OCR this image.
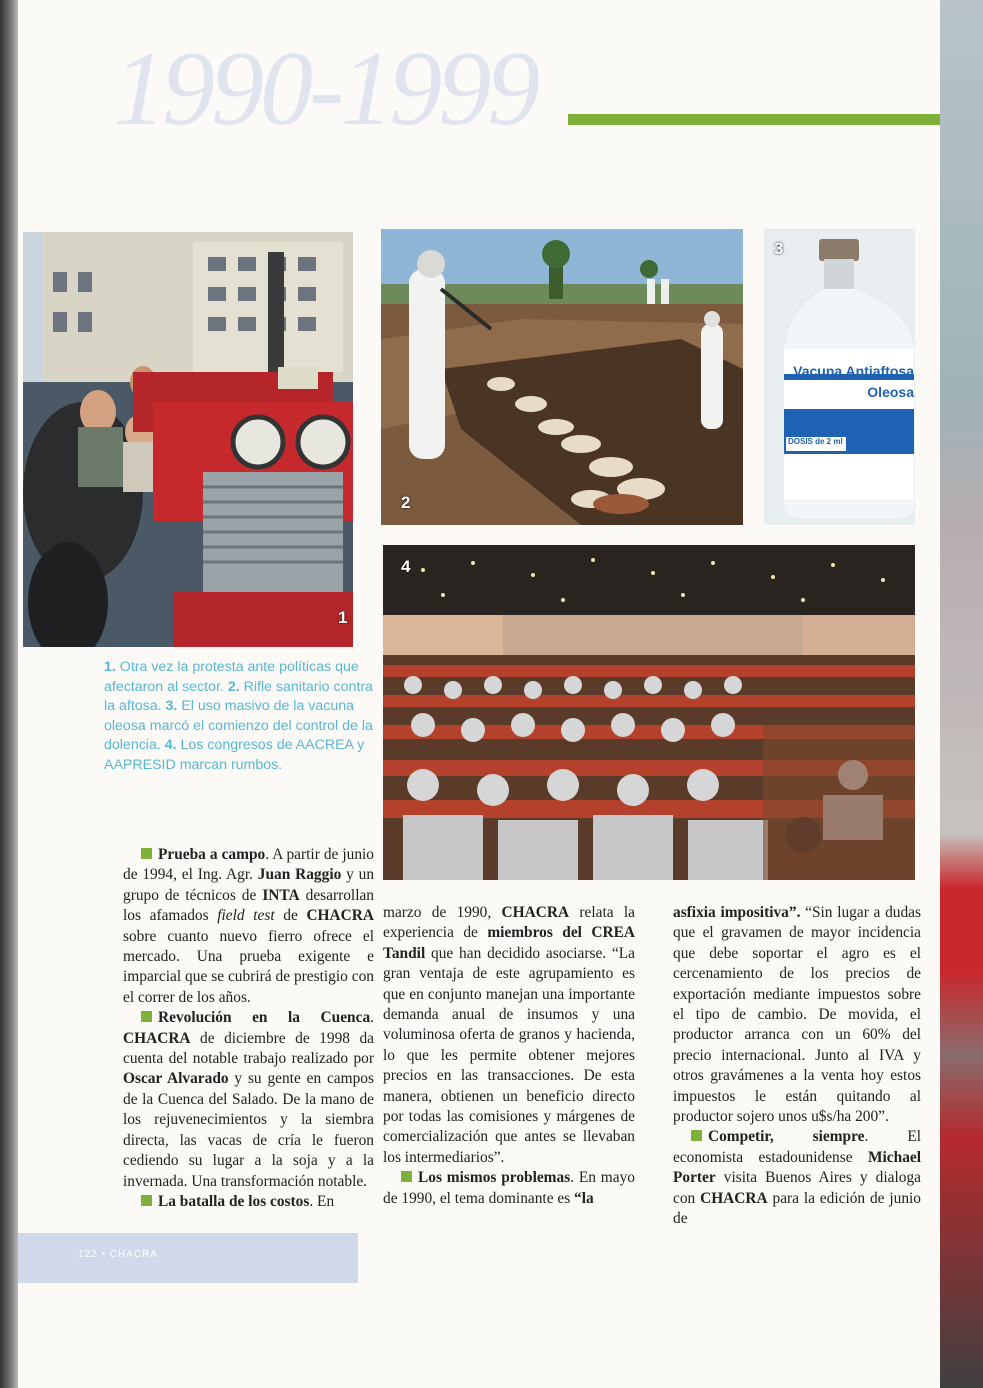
1990-1999
1
2
Vacuna Antiaftosa
Oleosa
DOSIS de 2 ml
3
4

1. Otra vez la protesta ante políticas que afectaron al sector. 2. Rifle sanitario contra la aftosa. 3. El uso masivo de la vacuna oleosa marcó el comienzo del control de la dolencia. 4. Los congresos de AACREA y AAPRESID marcan rumbos.

Prueba a campo. A partir de junio de 1994, el Ing. Agr. Juan Raggio y un grupo de técnicos de INTA desarrollan los afamados field test de CHACRA sobre cuanto nuevo fierro ofrece el mercado. Una prueba exigente e imparcial que se cubrirá de prestigio con el correr de los años.

Revolución en la Cuenca. CHACRA de diciembre de 1998 da cuenta del notable trabajo realizado por Oscar Alvarado y su gente en campos de la Cuenca del Salado. De la mano de los rejuvenecimientos y la siembra directa, las vacas de cría le fueron cediendo su lugar a la soja y a la invernada. Una transformación notable.

La batalla de los costos. En

marzo de 1990, CHACRA relata la experiencia de miembros del CREA Tandil que han decidido asociarse. “La gran ventaja de este agrupamiento es que en conjunto manejan una importante demanda anual de insumos y una voluminosa oferta de granos y hacienda, lo que les permite obtener mejores precios en las transacciones. De esta manera, obtienen un beneficio directo por todas las comisiones y márgenes de comercialización que antes se llevaban los intermediarios”.

Los mismos problemas. En mayo de 1990, el tema dominante es “la

asfixia impositiva”. “Sin lugar a dudas que el gravamen de mayor incidencia que debe soportar el agro es el cercenamiento de los precios de exportación mediante impuestos sobre el tipo de cambio. De movida, el productor arranca con un 60% del precio internacional. Junto al IVA y otros gravámenes a la venta hoy estos impuestos le están quitando al productor sojero unos u$s/ha 200”.

Competir, siempre. El economista estadounidense Michael Porter visita Buenos Aires y dialoga con CHACRA para la edición de junio de

122 • CHACRA
